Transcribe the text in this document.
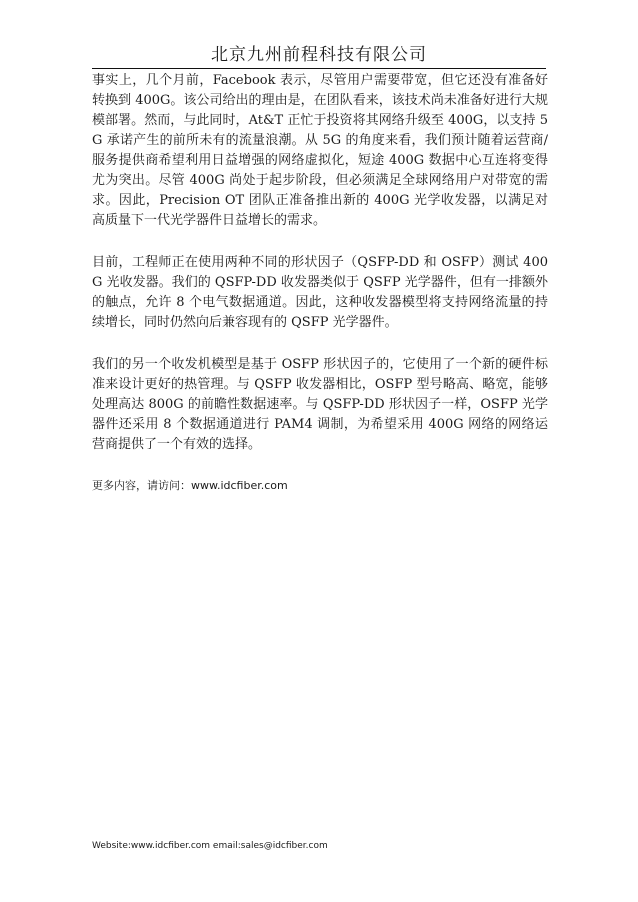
北京九州前程科技有限公司

事实上，几个月前，Facebook 表示，尽管用户需要带宽，但它还没有准备好转换到 400G。该公司给出的理由是，在团队看来，该技术尚未准备好进行大规模部署。然而，与此同时，At&T 正忙于投资将其网络升级至 400G，以支持 5G 承诺产生的前所未有的流量浪潮。从 5G 的角度来看，我们预计随着运营商/服务提供商希望利用日益增强的网络虚拟化，短途 400G 数据中心互连将变得尤为突出。尽管 400G 尚处于起步阶段，但必须满足全球网络用户对带宽的需求。因此，Precision OT 团队正准备推出新的 400G 光学收发器，以满足对高质量下一代光学器件日益增长的需求。

目前，工程师正在使用两种不同的形状因子（QSFP-DD 和 OSFP）测试 400G 光收发器。我们的 QSFP-DD 收发器类似于 QSFP 光学器件，但有一排额外的触点，允许 8 个电气数据通道。因此，这种收发器模型将支持网络流量的持续增长，同时仍然向后兼容现有的 QSFP 光学器件。

我们的另一个收发机模型是基于 OSFP 形状因子的，它使用了一个新的硬件标准来设计更好的热管理。与 QSFP 收发器相比，OSFP 型号略高、略宽，能够处理高达 800G 的前瞻性数据速率。与 QSFP-DD 形状因子一样，OSFP 光学器件还采用 8 个数据通道进行 PAM4 调制，为希望采用 400G 网络的网络运营商提供了一个有效的选择。

更多内容，请访问：www.idcfiber.com
Website:www.idcfiber.com email:sales@idcfiber.com
